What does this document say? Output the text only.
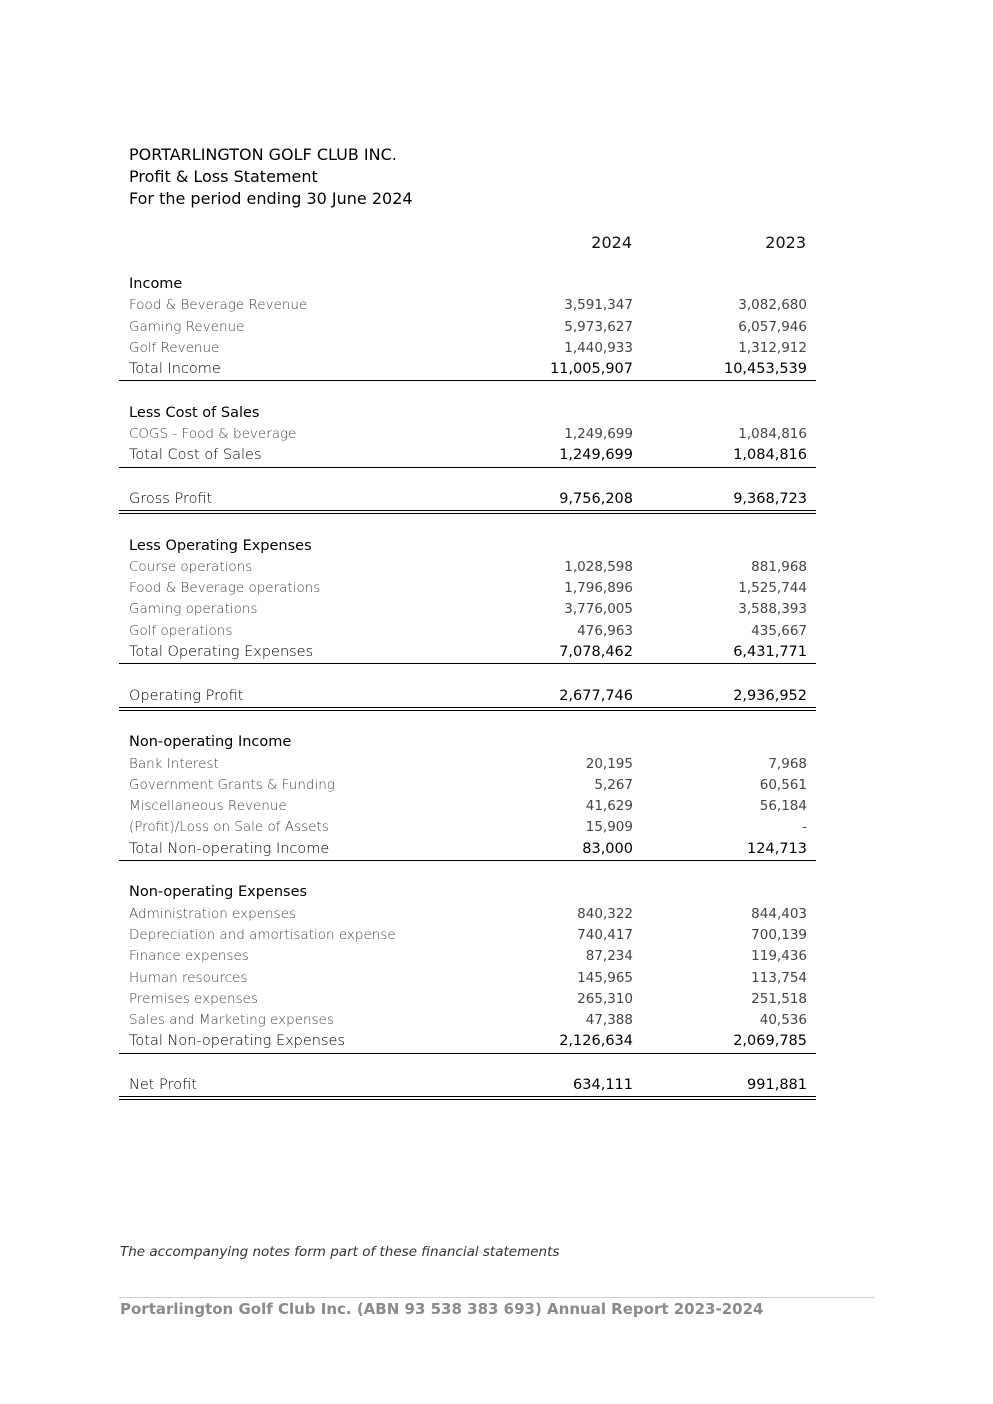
PORTARLINGTON GOLF CLUB INC.
Profit & Loss Statement
For the period ending 30 June 2024
2024	2023
Income
Food & Beverage Revenue	3,591,347	3,082,680
Gaming Revenue	5,973,627	6,057,946
Golf Revenue	1,440,933	1,312,912
Total Income	11,005,907	10,453,539
Less Cost of Sales
COGS - Food & beverage	1,249,699	1,084,816
Total Cost of Sales	1,249,699	1,084,816
Gross Profit	9,756,208	9,368,723
Less Operating Expenses
Course operations	1,028,598	881,968
Food & Beverage operations	1,796,896	1,525,744
Gaming operations	3,776,005	3,588,393
Golf operations	476,963	435,667
Total Operating Expenses	7,078,462	6,431,771
Operating Profit	2,677,746	2,936,952
Non-operating Income
Bank Interest	20,195	7,968
Government Grants & Funding	5,267	60,561
Miscellaneous Revenue	41,629	56,184
(Profit)/Loss on Sale of Assets	15,909	-
Total Non-operating Income	83,000	124,713
Non-operating Expenses
Administration expenses	840,322	844,403
Depreciation and amortisation expense	740,417	700,139
Finance expenses	87,234	119,436
Human resources	145,965	113,754
Premises expenses	265,310	251,518
Sales and Marketing expenses	47,388	40,536
Total Non-operating Expenses	2,126,634	2,069,785
Net Profit	634,111	991,881
The accompanying notes form part of these financial statements
Portarlington Golf Club Inc. (ABN 93 538 383 693) Annual Report 2023-2024
